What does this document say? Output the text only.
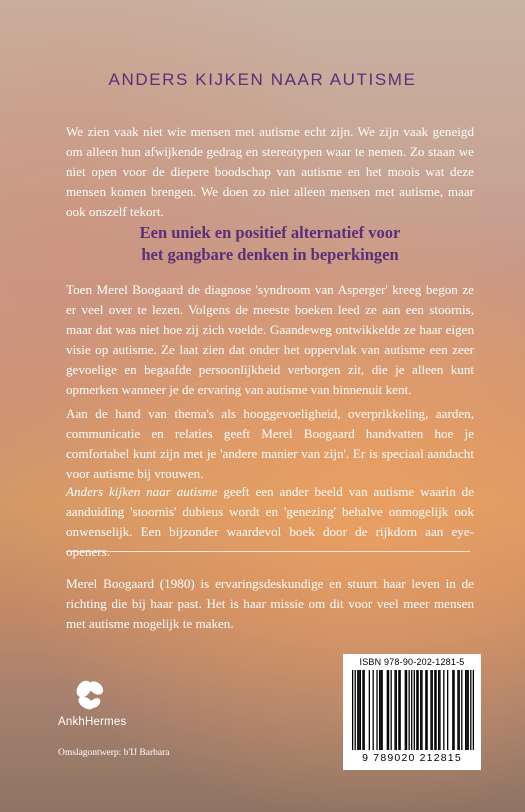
ANDERS KIJKEN NAAR AUTISME

We zien vaak niet wie mensen met autisme echt zijn. We zijn vaak geneigd om alleen hun afwijkende gedrag en stereotypen waar te nemen. Zo staan we niet open voor de diepere boodschap van autisme en het moois wat deze mensen komen brengen. We doen zo niet alleen mensen met autisme, maar ook onszelf tekort.

Een uniek en positief alternatief voor
het gangbare denken in beperkingen

Toen Merel Boogaard de diagnose 'syndroom van Asperger' kreeg begon ze er veel over te lezen. Volgens de meeste boeken leed ze aan een stoornis, maar dat was niet hoe zij zich voelde. Gaandeweg ontwikkelde ze haar eigen visie op autisme. Ze laat zien dat onder het oppervlak van autisme een zeer gevoelige en begaafde persoonlijkheid verborgen zit, die je alleen kunt opmerken wanneer je de ervaring van autisme van binnenuit kent.

Aan de hand van thema's als hooggevoeligheid, overprikkeling, aarden, communicatie en relaties geeft Merel Boogaard handvatten hoe je comfortabel kunt zijn met je 'andere manier van zijn'. Er is speciaal aandacht voor autisme bij vrouwen.

Anders kijken naar autisme geeft een ander beeld van autisme waarin de aanduiding 'stoornis' dubieus wordt en 'genezing' behalve onmogelijk ook onwenselijk. Een bijzonder waardevol boek door de rijkdom aan eye-openers.

Merel Boogaard (1980) is ervaringsdeskundige en stuurt haar leven in de richting die bij haar past. Het is haar missie om dit voor veel meer mensen met autisme mogelijk te maken.

AnkhHermes
Omslagontwerp: b'IJ Barbara
ISBN 978-90-202-1281-5
9 789020 212815
